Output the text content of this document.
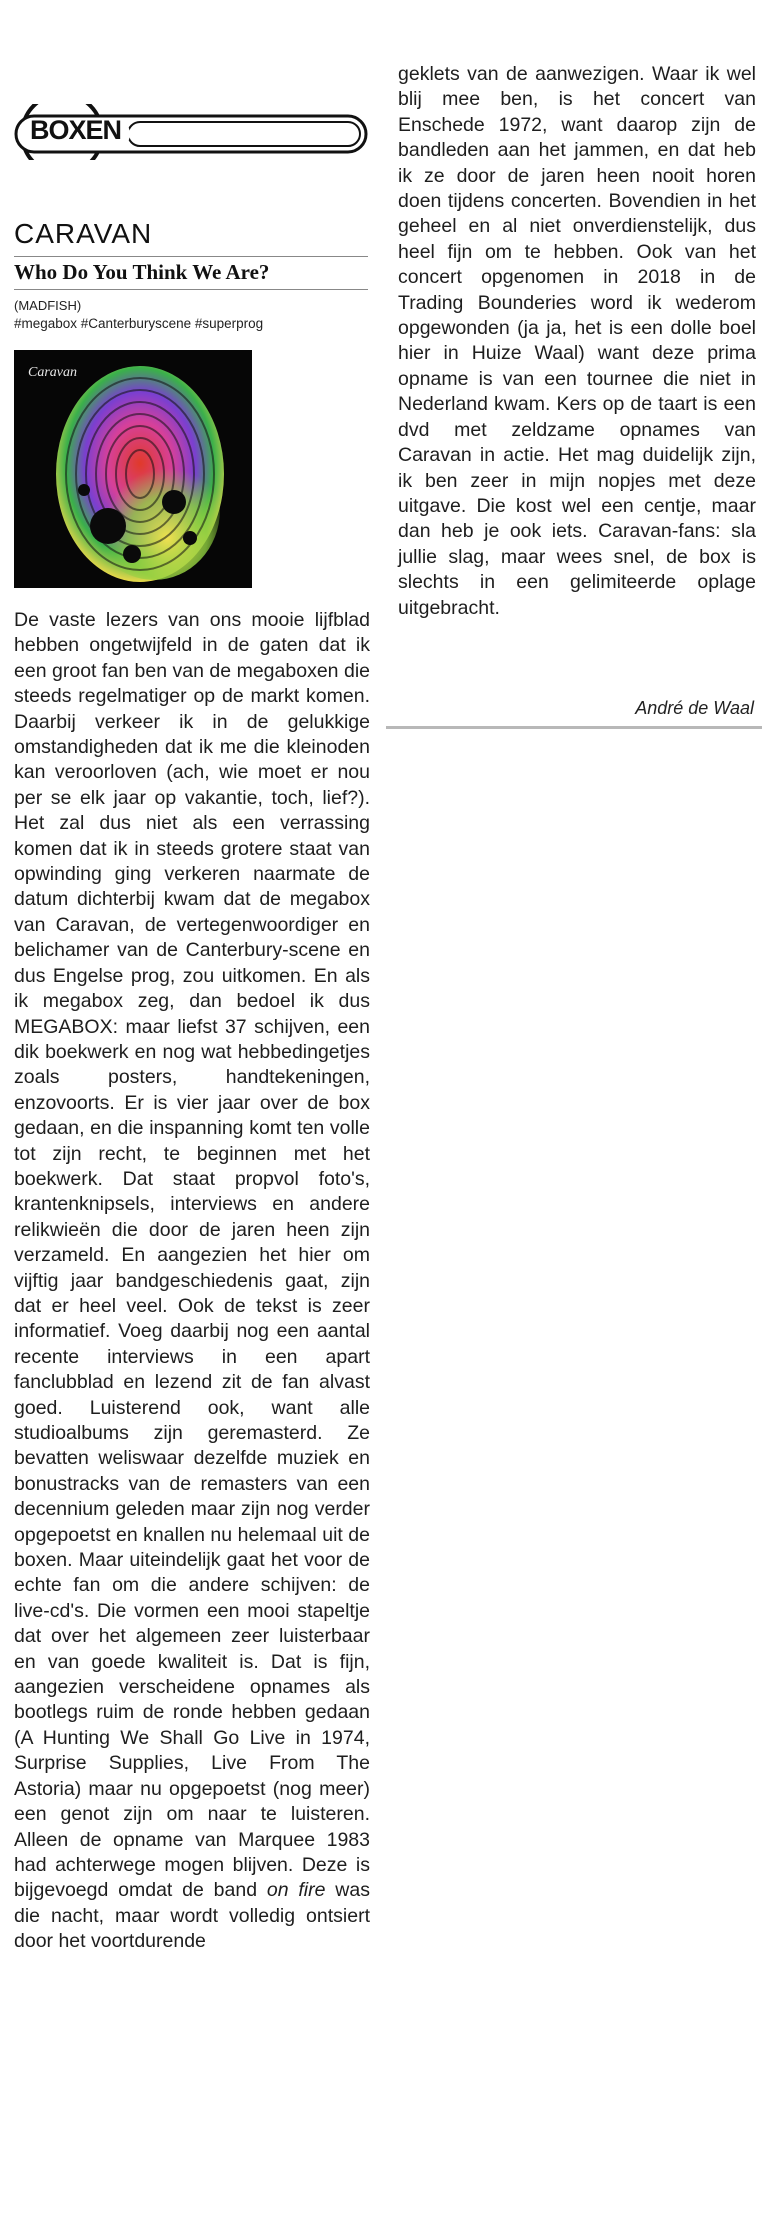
BOXEN
CARAVAN
Who Do You Think We Are?
(MADFISH)
#megabox #Canterburyscene #superprog
Caravan
De vaste lezers van ons mooie lijfblad hebben ongetwijfeld in de gaten dat ik een groot fan ben van de megaboxen die steeds regelmatiger op de markt komen. Daarbij verkeer ik in de gelukkige omstandigheden dat ik me die kleinoden kan veroorloven (ach, wie moet er nou per se elk jaar op vakantie, toch, lief?). Het zal dus niet als een verrassing komen dat ik in steeds grotere staat van opwinding ging verkeren naarmate de datum dichterbij kwam dat de megabox van Caravan, de vertegenwoordiger en belichamer van de Canterbury-scene en dus Engelse prog, zou uitkomen. En als ik megabox zeg, dan bedoel ik dus MEGABOX: maar liefst 37 schijven, een dik boekwerk en nog wat hebbedingetjes zoals posters, handtekeningen, enzovoorts. Er is vier jaar over de box gedaan, en die inspanning komt ten volle tot zijn recht, te beginnen met het boekwerk. Dat staat propvol foto's, krantenknipsels, interviews en andere relikwieën die door de jaren heen zijn verzameld. En aangezien het hier om vijftig jaar bandgeschiedenis gaat, zijn dat er heel veel. Ook de tekst is zeer informatief. Voeg daarbij nog een aantal recente interviews in een apart fanclubblad en lezend zit de fan alvast goed. Luisterend ook, want alle studioalbums zijn geremasterd. Ze bevatten weliswaar dezelfde muziek en bonustracks van de remasters van een decennium geleden maar zijn nog verder opgepoetst en knallen nu helemaal uit de boxen. Maar uiteindelijk gaat het voor de echte fan om die andere schijven: de live-cd's. Die vormen een mooi stapeltje dat over het algemeen zeer luisterbaar en van goede kwaliteit is. Dat is fijn, aangezien verscheidene opnames als bootlegs ruim de ronde hebben gedaan (A Hunting We Shall Go Live in 1974, Surprise Supplies, Live From The Astoria) maar nu opgepoetst (nog meer) een genot zijn om naar te luisteren. Alleen de opname van Marquee 1983 had achterwege mogen blijven. Deze is bijgevoegd omdat de band on fire was die nacht, maar wordt volledig ontsiert door het voortdurende
geklets van de aanwezigen. Waar ik wel blij mee ben, is het concert van Enschede 1972, want daarop zijn de bandleden aan het jammen, en dat heb ik ze door de jaren heen nooit horen doen tijdens concerten. Bovendien in het geheel en al niet onverdienstelijk, dus heel fijn om te hebben. Ook van het concert opgenomen in 2018 in de Trading Bounderies word ik wederom opgewonden (ja ja, het is een dolle boel hier in Huize Waal) want deze prima opname is van een tournee die niet in Nederland kwam. Kers op de taart is een dvd met zeldzame opnames van Caravan in actie. Het mag duidelijk zijn, ik ben zeer in mijn nopjes met deze uitgave. Die kost wel een centje, maar dan heb je ook iets. Caravan-fans: sla jullie slag, maar wees snel, de box is slechts in een gelimiteerde oplage uitgebracht.
André de Waal
